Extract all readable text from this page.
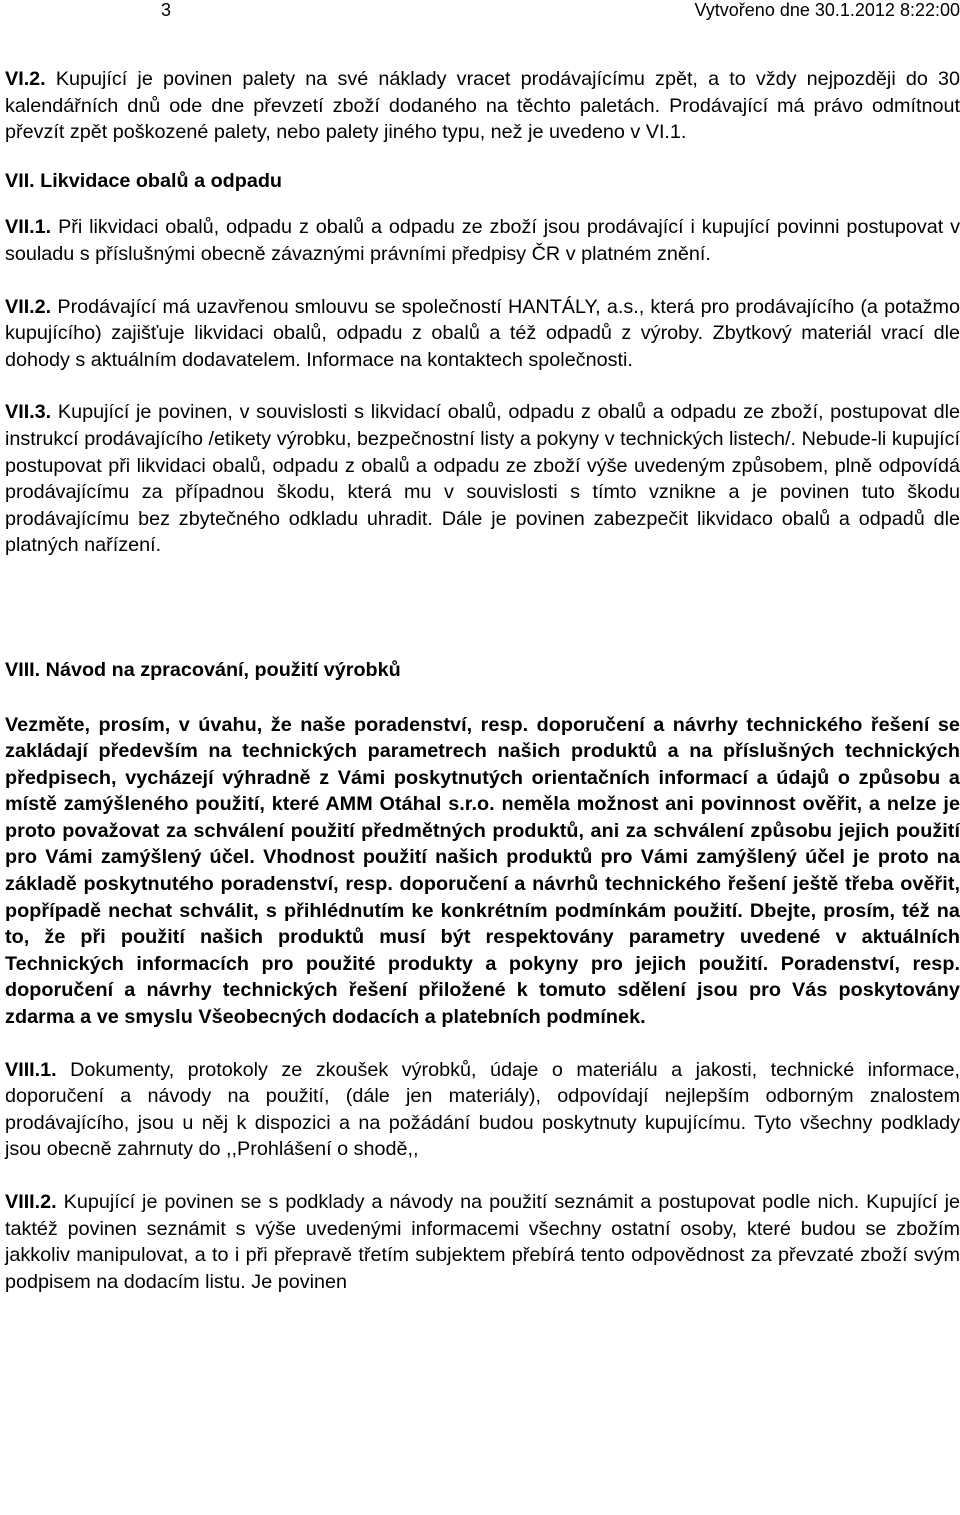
3	Vytvořeno dne 30.1.2012 8:22:00

VI.2. Kupující je povinen palety na své náklady vracet prodávajícímu zpět, a to vždy nejpozději do 30 kalendářních dnů ode dne převzetí zboží dodaného na těchto paletách. Prodávající má právo odmítnout převzít zpět poškozené palety, nebo palety jiného typu, než je uvedeno v VI.1.

VII. Likvidace obalů a odpadu

VII.1. Při likvidaci obalů, odpadu z obalů a odpadu ze zboží jsou prodávající i kupující povinni postupovat v souladu s příslušnými obecně závaznými právními předpisy ČR v platném znění.

VII.2. Prodávající má uzavřenou smlouvu se společností HANTÁLY, a.s., která pro prodávajícího (a potažmo kupujícího) zajišťuje likvidaci obalů, odpadu z obalů a též odpadů z výroby. Zbytkový materiál vrací dle dohody s aktuálním dodavatelem. Informace na kontaktech společnosti.

VII.3. Kupující je povinen, v souvislosti s likvidací obalů, odpadu z obalů a odpadu ze zboží, postupovat dle instrukcí prodávajícího /etikety výrobku, bezpečnostní listy a pokyny v technických listech/. Nebude-li kupující postupovat při likvidaci obalů, odpadu z obalů a odpadu ze zboží výše uvedeným způsobem, plně odpovídá prodávajícímu za případnou škodu, která mu v souvislosti s tímto vznikne a je povinen tuto škodu prodávajícímu bez zbytečného odkladu uhradit. Dále je povinen zabezpečit likvidaco obalů a odpadů dle platných nařízení.

VIII. Návod na zpracování, použití výrobků

Vezměte, prosím, v úvahu, že naše poradenství, resp. doporučení a návrhy technického řešení se zakládají především na technických parametrech našich produktů a na příslušných technických předpisech, vycházejí výhradně z Vámi poskytnutých orientačních informací a údajů o způsobu a místě zamýšleného použití, které AMM Otáhal s.r.o. neměla možnost ani povinnost ověřit, a nelze je proto považovat za schválení použití předmětných produktů, ani za schválení způsobu jejich použití pro Vámi zamýšlený účel. Vhodnost použití našich produktů pro Vámi zamýšlený účel je proto na základě poskytnutého poradenství, resp. doporučení a návrhů technického řešení ještě třeba ověřit, popřípadě nechat schválit, s přihlédnutím ke konkrétním podmínkám použití. Dbejte, prosím, též na to, že při použití našich produktů musí být respektovány parametry uvedené v aktuálních Technických informacích pro použité produkty a pokyny pro jejich použití. Poradenství, resp. doporučení a návrhy technických řešení přiložené k tomuto sdělení jsou pro Vás poskytovány zdarma a ve smyslu Všeobecných dodacích a platebních podmínek.

VIII.1. Dokumenty, protokoly ze zkoušek výrobků, údaje o materiálu a jakosti, technické informace, doporučení a návody na použití, (dále jen materiály), odpovídají nejlepším odborným znalostem prodávajícího, jsou u něj k dispozici a na požádání budou poskytnuty kupujícímu. Tyto všechny podklady jsou obecně zahrnuty do ,,Prohlášení o shodě,,

VIII.2. Kupující je povinen se s podklady a návody na použití seznámit a postupovat podle nich. Kupující je taktéž povinen seznámit s výše uvedenými informacemi všechny ostatní osoby, které budou se zbožím jakkoliv manipulovat, a to i při přepravě třetím subjektem přebírá tento odpovědnost za převzaté zboží svým podpisem na dodacím listu. Je povinen
